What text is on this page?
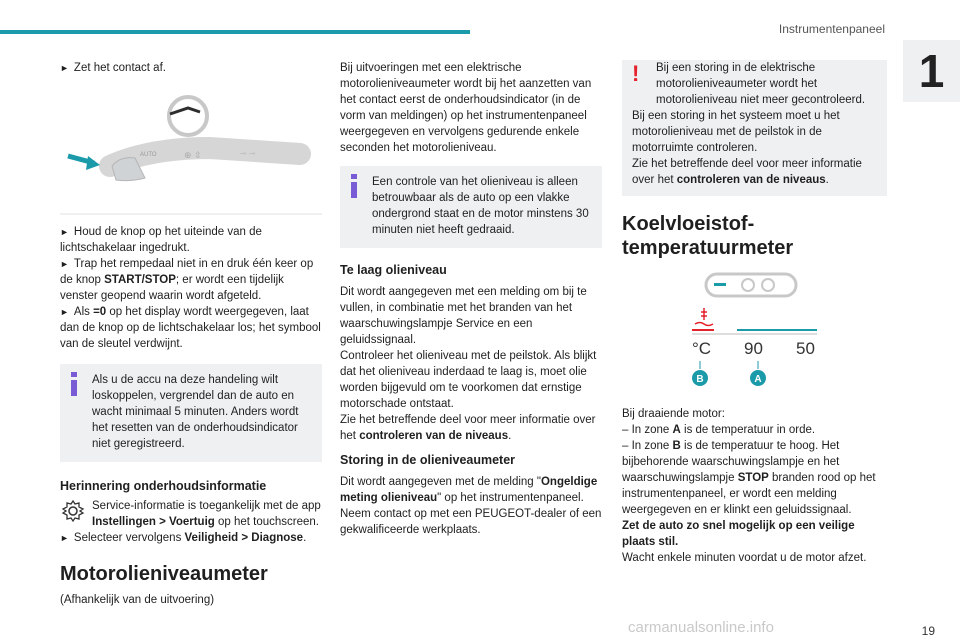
Instrumentenpaneel
1

► Zet het contact af.

AUTO	⊕ ⇳	⊸ ⊸

► Houd de knop op het uiteinde van de lichtschakelaar ingedrukt.

► Trap het rempedaal niet in en druk één keer op de knop START/STOP; er wordt een tijdelijk venster geopend waarin wordt afgeteld.

► Als =0 op het display wordt weergegeven, laat dan de knop op de lichtschakelaar los; het symbool van de sleutel verdwijnt.

Als u de accu na deze handeling wilt loskoppelen, vergrendel dan de auto en wacht minimaal 5 minuten. Anders wordt het resetten van de onderhoudsindicator niet geregistreerd.

Herinnering onderhoudsinformatie

Service-informatie is toegankelijk met de app Instellingen > Voertuig op het touchscreen.

► Selecteer vervolgens Veiligheid > Diagnose.

Motorolieniveaumeter

(Afhankelijk van de uitvoering)

Bij uitvoeringen met een elektrische motorolieniveaumeter wordt bij het aanzetten van het contact eerst de onderhoudsindicator (in de vorm van meldingen) op het instrumentenpaneel weergegeven en vervolgens gedurende enkele seconden het motorolieniveau.

Een controle van het olieniveau is alleen betrouwbaar als de auto op een vlakke ondergrond staat en de motor minstens 30 minuten niet heeft gedraaid.

Te laag olieniveau

Dit wordt aangegeven met een melding om bij te vullen, in combinatie met het branden van het waarschuwingslampje Service en een geluidssignaal.

Controleer het olieniveau met de peilstok. Als blijkt dat het olieniveau inderdaad te laag is, moet olie worden bijgevuld om te voorkomen dat ernstige motorschade ontstaat.

Zie het betreffende deel voor meer informatie over het controleren van de niveaus.

Storing in de olieniveaumeter

Dit wordt aangegeven met de melding "Ongeldige meting olieniveau" op het instrumentenpaneel. Neem contact op met een PEUGEOT-dealer of een gekwalificeerde werkplaats.

!	Bij een storing in de elektrische motorolieniveaumeter wordt het motorolieniveau niet meer gecontroleerd.

Bij een storing in het systeem moet u het motorolieniveau met de peilstok in de motorruimte controleren.

Zie het betreffende deel voor meer informatie over het controleren van de niveaus.

Koelvloeistof-temperatuurmeter
°C 90 50
B	A

Bij draaiende motor:

– In zone A is de temperatuur in orde.

– In zone B is de temperatuur te hoog. Het bijbehorende waarschuwingslampje en het waarschuwingslampje STOP branden rood op het instrumentenpaneel, er wordt een melding weergegeven en er klinkt een geluidssignaal.

Zet de auto zo snel mogelijk op een veilige plaats stil.

Wacht enkele minuten voordat u de motor afzet.

carmanualsonline.info	19
